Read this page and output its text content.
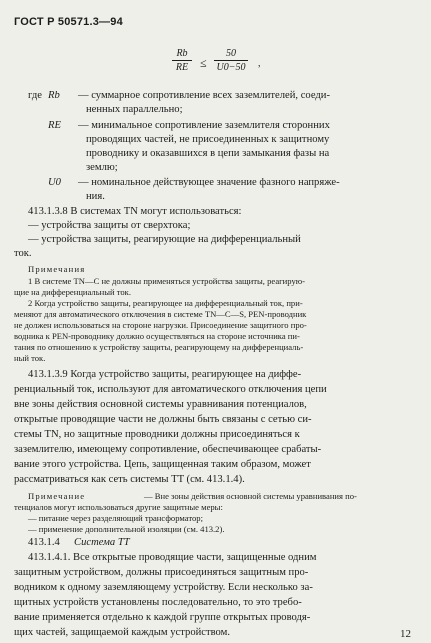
ГОСТ Р 50571.3—94
Rb
RE ≤
50
U0−50 ,
где Rb — суммарное сопротивление всех заземлителей, соеди-
ненных параллельно;
RE — минимальное сопротивление заземлителя сторонних
проводящих частей, не присоединенных к защитному
проводнику и оказавшихся в цепи замыкания фазы на
землю;
U0 — номинальное действующее значение фазного напряже-
ния.
413.1.3.8 В системах TN могут использоваться:
— устройства защиты от сверхтока;
— устройства защиты, реагирующие на дифференциальный
ток.
Примечания
1 В системе TN—C не должны применяться устройства защиты, реагирую-
щие на дифференциальный ток.
2 Когда устройство защиты, реагирующее на дифференциальный ток, при-
меняют для автоматического отключения в системе TN—C—S, PEN-проводник
не должен использоваться на стороне нагрузки. Присоединение защитного про-
водника к PEN-проводнику должно осуществляться на стороне источника пи-
тания по отношению к устройству защиты, реагирующему на дифференциаль-
ный ток.
413.1.3.9 Когда устройство защиты, реагирующее на диффе-
ренциальный ток, используют для автоматического отключения цепи
вне зоны действия основной системы уравнивания потенциалов,
открытые проводящие части не должны быть связаны с сетью си-
стемы TN, но защитные проводники должны присоединяться к
заземлителю, имеющему сопротивление, обеспечивающее срабаты-
вание этого устройства. Цепь, защищенная таким образом, может
рассматриваться как сеть системы TT (см. 413.1.4).
Примечание	— Вне зоны действия основной системы уравнивания по-
тенциалов могут использоваться другие защитные меры:
— питание через разделяющий трансформатор;
— применение дополнительной изоляции (см. 413.2).
413.1.4 Система TT
413.1.4.1. Все открытые проводящие части, защищенные одним
защитным устройством, должны присоединяться защитным про-
водником к одному заземляющему устройству. Если несколько за-
щитных устройств установлены последовательно, то это требо-
вание применяется отдельно к каждой группе открытых проводя-
щих частей, защищаемой каждым устройством.	12
